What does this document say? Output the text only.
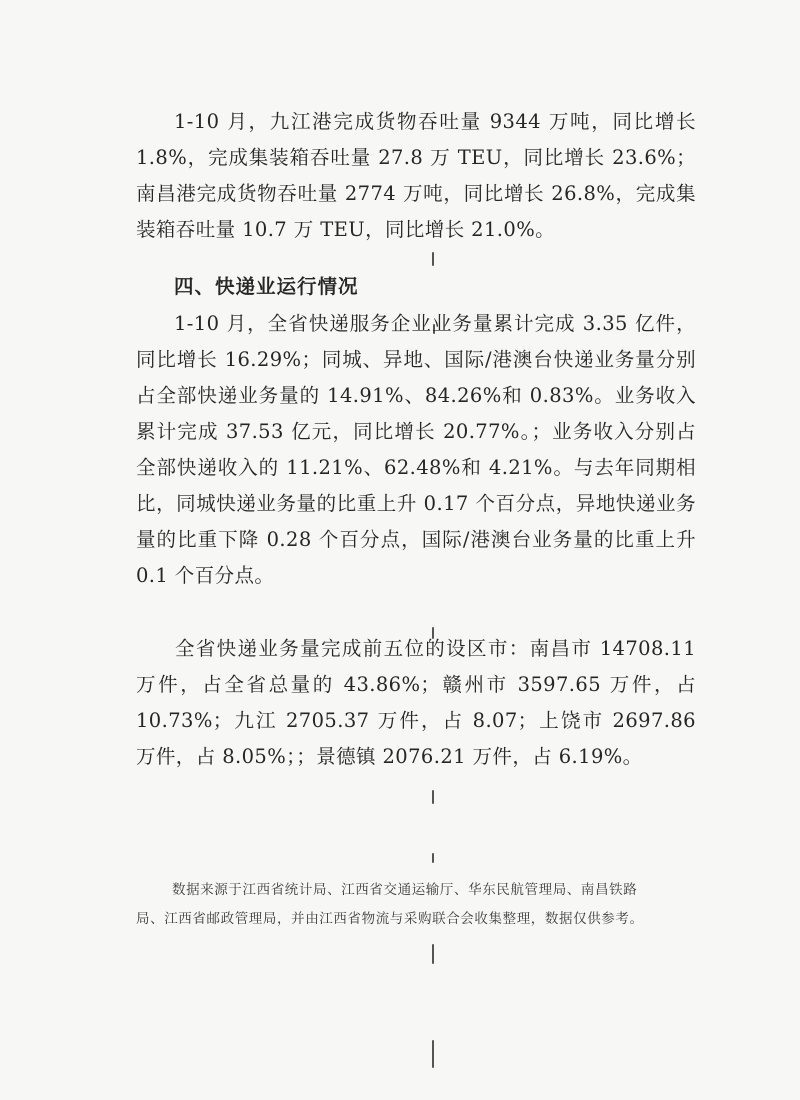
1-10 月，九江港完成货物吞吐量 9344 万吨，同比增长 1.8%，完成集装箱吞吐量 27.8 万 TEU，同比增长 23.6%；南昌港完成货物吞吐量 2774 万吨，同比增长 26.8%，完成集装箱吞吐量 10.7 万 TEU，同比增长 21.0%。

四、快递业运行情况

1-10 月，全省快递服务企业业务量累计完成 3.35 亿件，同比增长 16.29%；同城、异地、国际/港澳台快递业务量分别占全部快递业务量的 14.91%、84.26%和 0.83%。业务收入累计完成 37.53 亿元，同比增长 20.77%。；业务收入分别占全部快递收入的 11.21%、62.48%和 4.21%。与去年同期相比，同城快递业务量的比重上升 0.17 个百分点，异地快递业务量的比重下降 0.28 个百分点，国际/港澳台业务量的比重上升 0.1 个百分点。

全省快递业务量完成前五位的设区市：南昌市 14708.11 万件，占全省总量的 43.86%；赣州市 3597.65 万件，占 10.73%；九江 2705.37 万件，占 8.07；上饶市 2697.86 万件，占 8.05%；；景德镇 2076.21 万件，占 6.19%。

数据来源于江西省统计局、江西省交通运输厅、华东民航管理局、南昌铁路局、江西省邮政管理局，并由江西省物流与采购联合会收集整理，数据仅供参考。
